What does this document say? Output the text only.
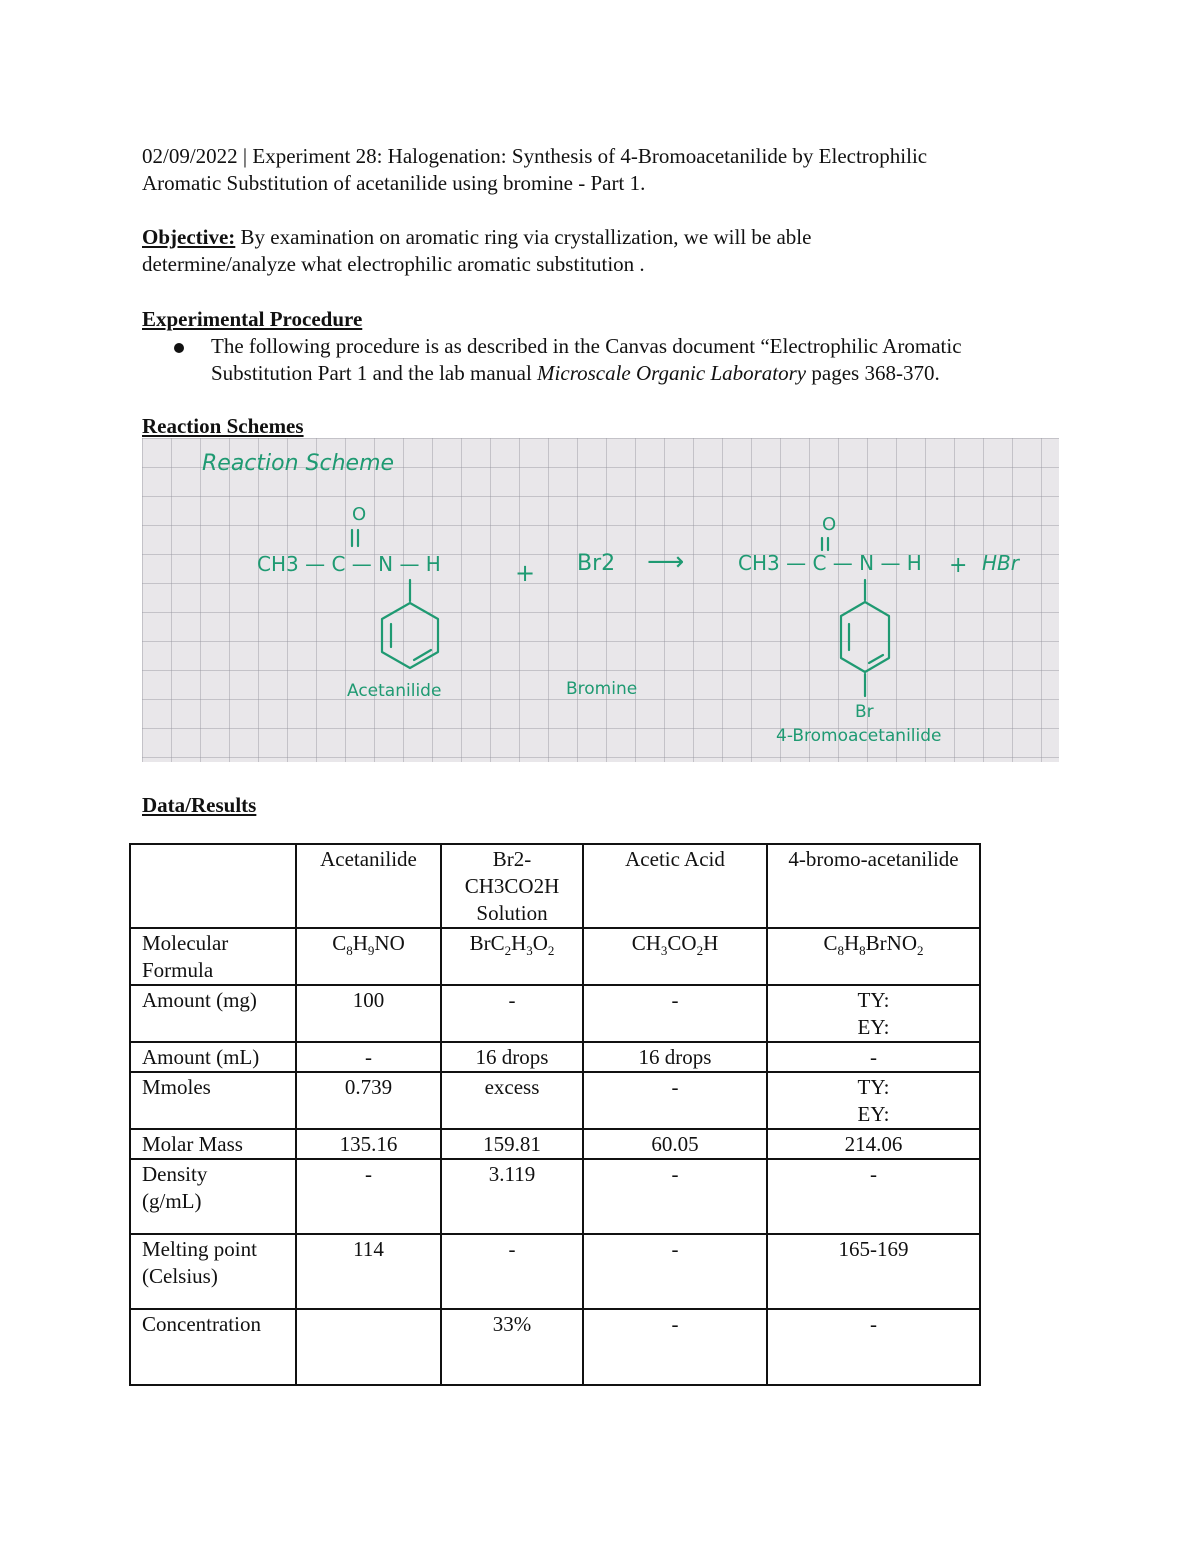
02/09/2022 | Experiment 28: Halogenation: Synthesis of 4-Bromoacetanilide by Electrophilic
Aromatic Substitution of acetanilide using bromine - Part 1.

Objective: By examination on aromatic ring via crystallization, we will be able
determine/analyze what electrophilic aromatic substitution .

Experimental Procedure

The following procedure is as described in the Canvas document “Electrophilic Aromatic
Substitution Part 1 and the lab manual Microscale Organic Laboratory pages 368-370.

Reaction Schemes

Reaction Scheme
O
CH3 — C — N — H
Acetanilide
+ Br2
Bromine
⟶
O
CH3 — C — N — H
Br
4-Bromoacetanilide
+ HBr

Data/Results

	Acetanilide	Br2-
CH3CO2H
Solution	Acetic Acid	4-bromo-acetanilide

Molecular
Formula	$C_8H_9NO$	$BrC_2H_3O_2$	$CH_3CO_2H$	$C_8H_8BrNO_2$

Amount (mg)	100	-	-	TY:
EY:

Amount (mL)	-	16 drops	16 drops	-

Mmoles	0.739	excess	-	TY:
EY:

Molar Mass	135.16	159.81	60.05	214.06

Density
(g/mL)	-	3.119	-	-

Melting point
(Celsius)	114	-	-	165-169

Concentration		33%	-	-
